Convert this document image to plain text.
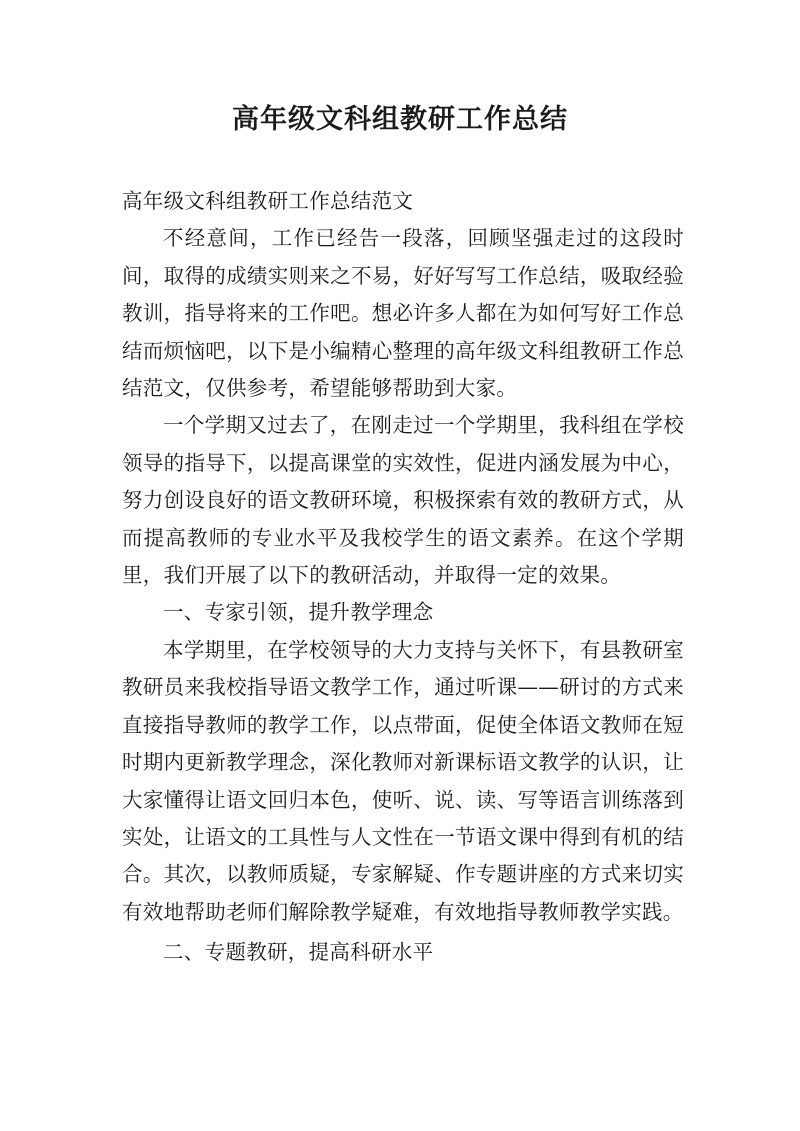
高年级文科组教研工作总结

高年级文科组教研工作总结范文

不经意间，工作已经告一段落，回顾坚强走过的这段时间，取得的成绩实则来之不易，好好写写工作总结，吸取经验教训，指导将来的工作吧。想必许多人都在为如何写好工作总结而烦恼吧，以下是小编精心整理的高年级文科组教研工作总结范文，仅供参考，希望能够帮助到大家。

一个学期又过去了，在刚走过一个学期里，我科组在学校领导的指导下，以提高课堂的实效性，促进内涵发展为中心，努力创设良好的语文教研环境，积极探索有效的教研方式，从而提高教师的专业水平及我校学生的语文素养。在这个学期里，我们开展了以下的教研活动，并取得一定的效果。

一、专家引领，提升教学理念

本学期里，在学校领导的大力支持与关怀下，有县教研室教研员来我校指导语文教学工作，通过听课——研讨的方式来直接指导教师的教学工作，以点带面，促使全体语文教师在短时期内更新教学理念，深化教师对新课标语文教学的认识，让大家懂得让语文回归本色，使听、说、读、写等语言训练落到实处，让语文的工具性与人文性在一节语文课中得到有机的结合。其次，以教师质疑，专家解疑、作专题讲座的方式来切实有效地帮助老师们解除教学疑难，有效地指导教师教学实践。

二、专题教研，提高科研水平
